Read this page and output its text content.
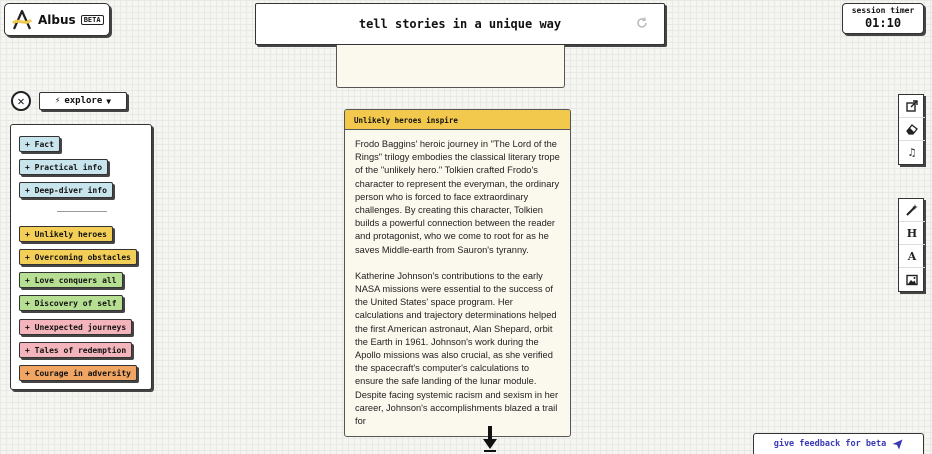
Albus	BETA	tell stories in a unique way
session timer
01:10
✕	⚡ explore ▼
+ Fact
+ Practical info
+ Deep-diver info
+ Unlikely heroes
+ Overcoming obstacles
+ Love conquers all
+ Discovery of self
+ Unexpected journeys
+ Tales of redemption
+ Courage in adversity
Unlikely heroes inspire

Frodo Baggins' heroic journey in "The Lord of the Rings" trilogy embodies the classical literary trope of the "unlikely hero." Tolkien crafted Frodo's character to represent the everyman, the ordinary person who is forced to face extraordinary challenges. By creating this character, Tolkien builds a powerful connection between the reader and protagonist, who we come to root for as he saves Middle-earth from Sauron's tyranny.

Katherine Johnson's contributions to the early NASA missions were essential to the success of the United States' space program. Her calculations and trajectory determinations helped the first American astronaut, Alan Shepard, orbit the Earth in 1961. Johnson's work during the Apollo missions was also crucial, as she verified the spacecraft's computer's calculations to ensure the safe landing of the lunar module. Despite facing systemic racism and sexism in her career, Johnson's accomplishments blazed a trail for

♫
H
A
give feedback for beta
